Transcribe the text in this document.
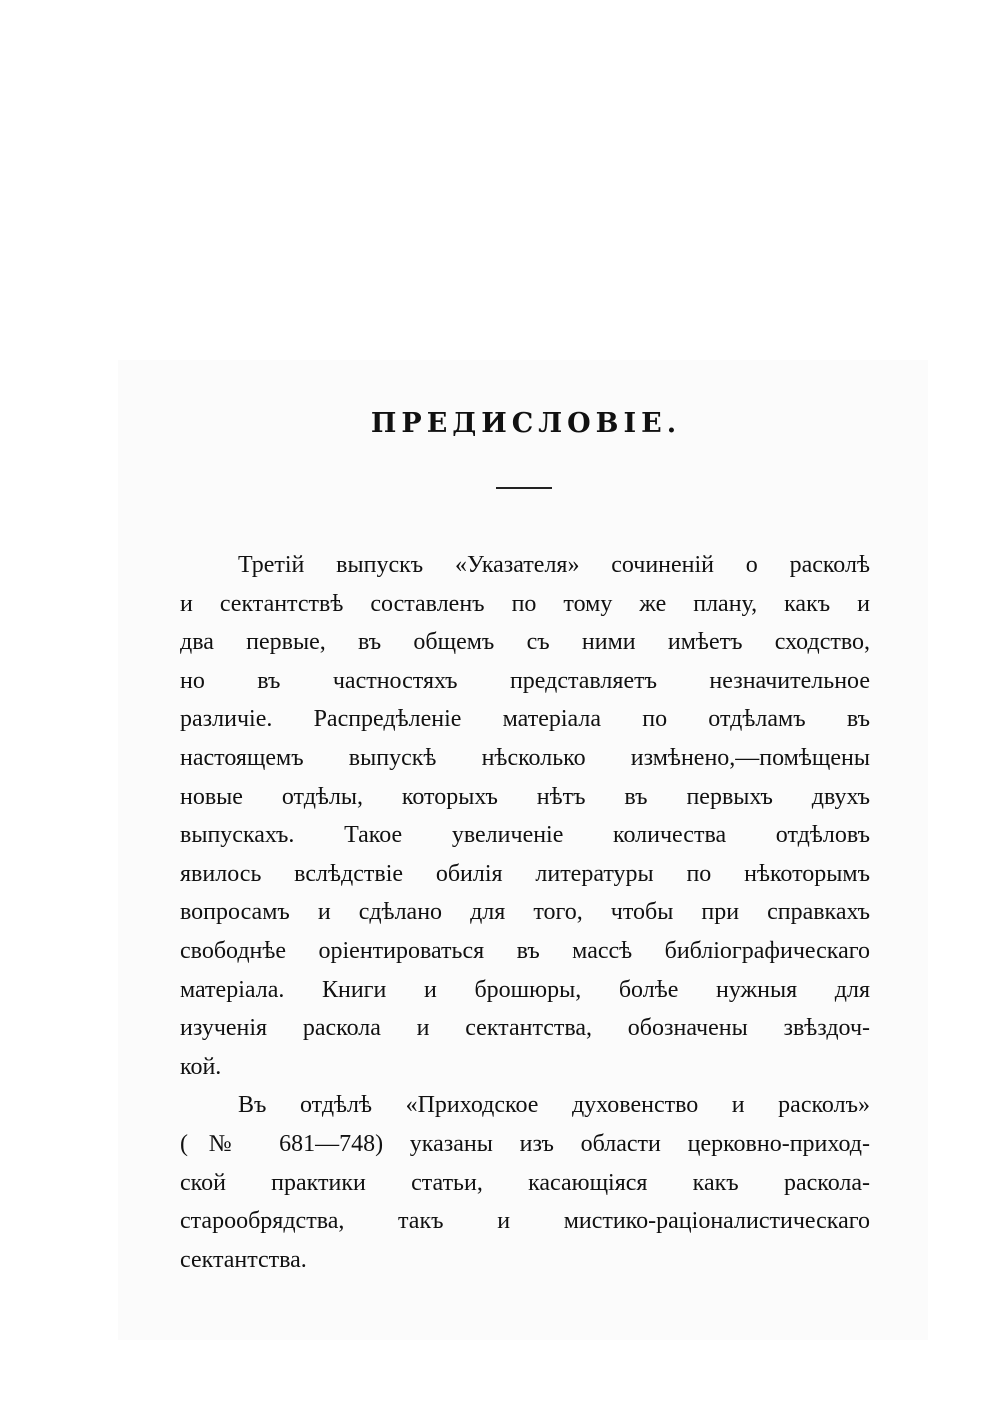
ПРЕДИСЛОВІЕ.
Третій выпускъ «Указателя» сочиненій о расколѣ
и сектантствѣ составленъ по тому же плану, какъ и
два первые, въ общемъ съ ними имѣетъ сходство,
но въ частностяхъ представляетъ незначительное
различіе. Распредѣленіе матеріала по отдѣламъ въ
настоящемъ выпускѣ нѣсколько измѣнено,—помѣщены
новые отдѣлы, которыхъ нѣтъ въ первыхъ двухъ
выпускахъ. Такое увеличеніе количества отдѣловъ
явилось вслѣдствіе обилія литературы по нѣкоторымъ
вопросамъ и сдѣлано для того, чтобы при справкахъ
свободнѣе оріентироваться въ массѣ библіографическаго
матеріала. Книги и брошюры, болѣе нужныя для
изученія раскола и сектантства, обозначены звѣздоч-
кой.
Въ отдѣлѣ «Приходское духовенство и расколъ»
(№ 681—748) указаны изъ области церковно-приход-
ской практики статьи, касающіяся какъ раскола-
старообрядства, такъ и мистико-раціоналистическаго
сектантства.
